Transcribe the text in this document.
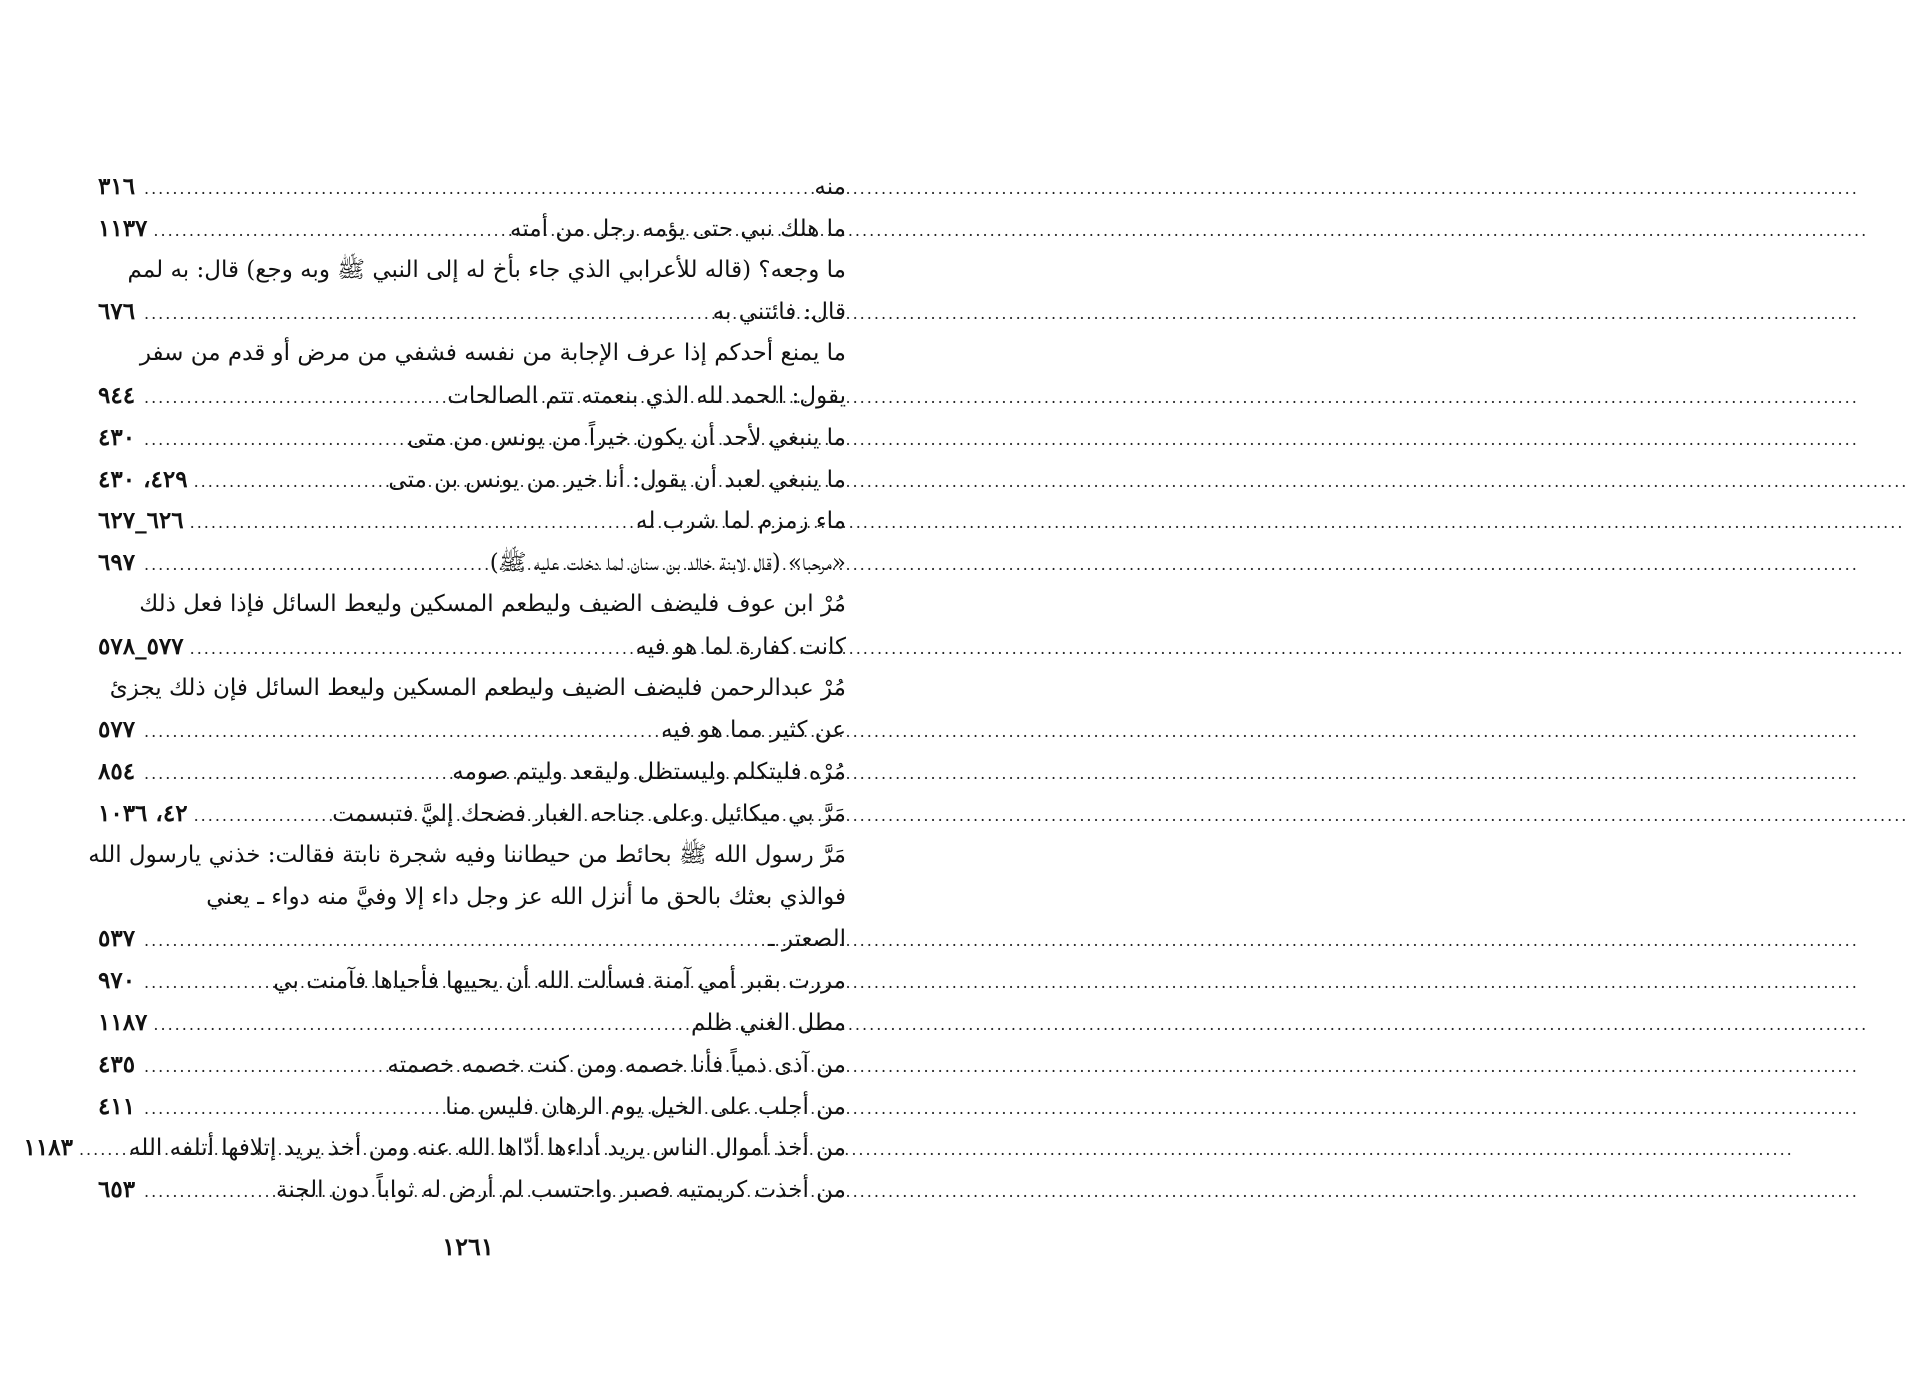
منه
.....
٣١٦
ما هلك نبي حتى يؤمه رجل من أمته
.....
١١٣٧
ما وجعه؟ (قاله للأعرابي الذي جاء بأخ له إلى النبي ﷺ وبه وجع) قال: به لمم
قال: فائتني به
.....
٦٧٦
ما يمنع أحدكم إذا عرف الإجابة من نفسه فشفي من مرض أو قدم من سفر
يقول: الحمد لله الذي بنعمته تتم الصالحات
.....
٩٤٤
ما ينبغي لأحد أن يكون خيراً من يونس من متى
.....
٤٣٠
ما ينبغي لعبد أن يقول: أنا خير من يونس بن متى
.....
٤٢٩، ٤٣٠
ماء زمزم لما شرب له
.....
٦٢٦_٦٢٧
«مرحبا» (قال لابنة خالد بن سنان لما دخلت عليه ﷺ)
.....
٦٩٧
مُرْ ابن عوف فليضف الضيف وليطعم المسكين وليعط السائل فإذا فعل ذلك
كانت كفارة لما هو فيه
.....
٥٧٧_٥٧٨
مُرْ عبدالرحمن فليضف الضيف وليطعم المسكين وليعط السائل فإن ذلك يجزئ
عن كثير مما هو فيه
.....
٥٧٧
مُرْه فليتكلم وليستظل وليقعد وليتم صومه
.....
٨٥٤
مَرَّ بي ميكائيل وعلى جناحه الغبار فضحك إليَّ فتبسمت
.....
٤٢، ١٠٣٦
مَرَّ رسول الله ﷺ بحائط من حيطاننا وفيه شجرة نابتة فقالت: خذني يارسول الله
فوالذي بعثك بالحق ما أنزل الله عز وجل داء إلا وفيَّ منه دواء ـ يعني
الصعتر ـ
.....
٥٣٧
مررت بقبر أمي آمنة فسألت الله أن يحييها فأحياها فآمنت بي
.....
٩٧٠
مطل الغني ظلم
.....
١١٨٧
من آذى ذمياً فأنا خصمه ومن كنت خصمه خصمته
.....
٤٣٥
من أجلب على الخيل يوم الرهان فليس منا
.....
٤١١
من أخذ أموال الناس يريد أداءها أدّاها الله عنه ومن أخذ يريد إتلافها أتلفه الله
.....
١١٨٣
من أخذت كريمتيه فصبر واحتسب لم أرض له ثواباً دون الجنة
.....
٦٥٣
١٢٦١
